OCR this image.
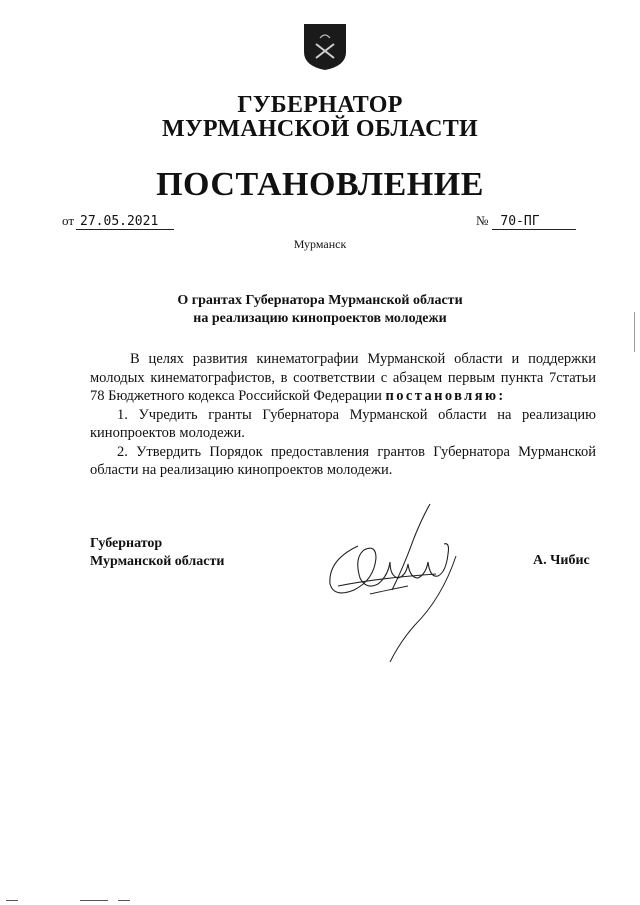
ГУБЕРНАТОР
МУРМАНСКОЙ ОБЛАСТИ
ПОСТАНОВЛЕНИЕ
от 27.05.2021	№ 70-ПГ
Мурманск
О грантах Губернатора Мурманской области
на реализацию кинопроектов молодежи

В целях развития кинематографии Мурманской области и поддержки молодых кинематографистов, в соответствии с абзацем первым пункта 7статьи 78 Бюджетного кодекса Российской Федерации постановляю:

1. Учредить гранты Губернатора Мурманской области на реализацию кинопроектов молодежи.

2. Утвердить Порядок предоставления грантов Губернатора Мурманской области на реализацию кинопроектов молодежи.

Губернатор
Мурманской области	А. Чибис
